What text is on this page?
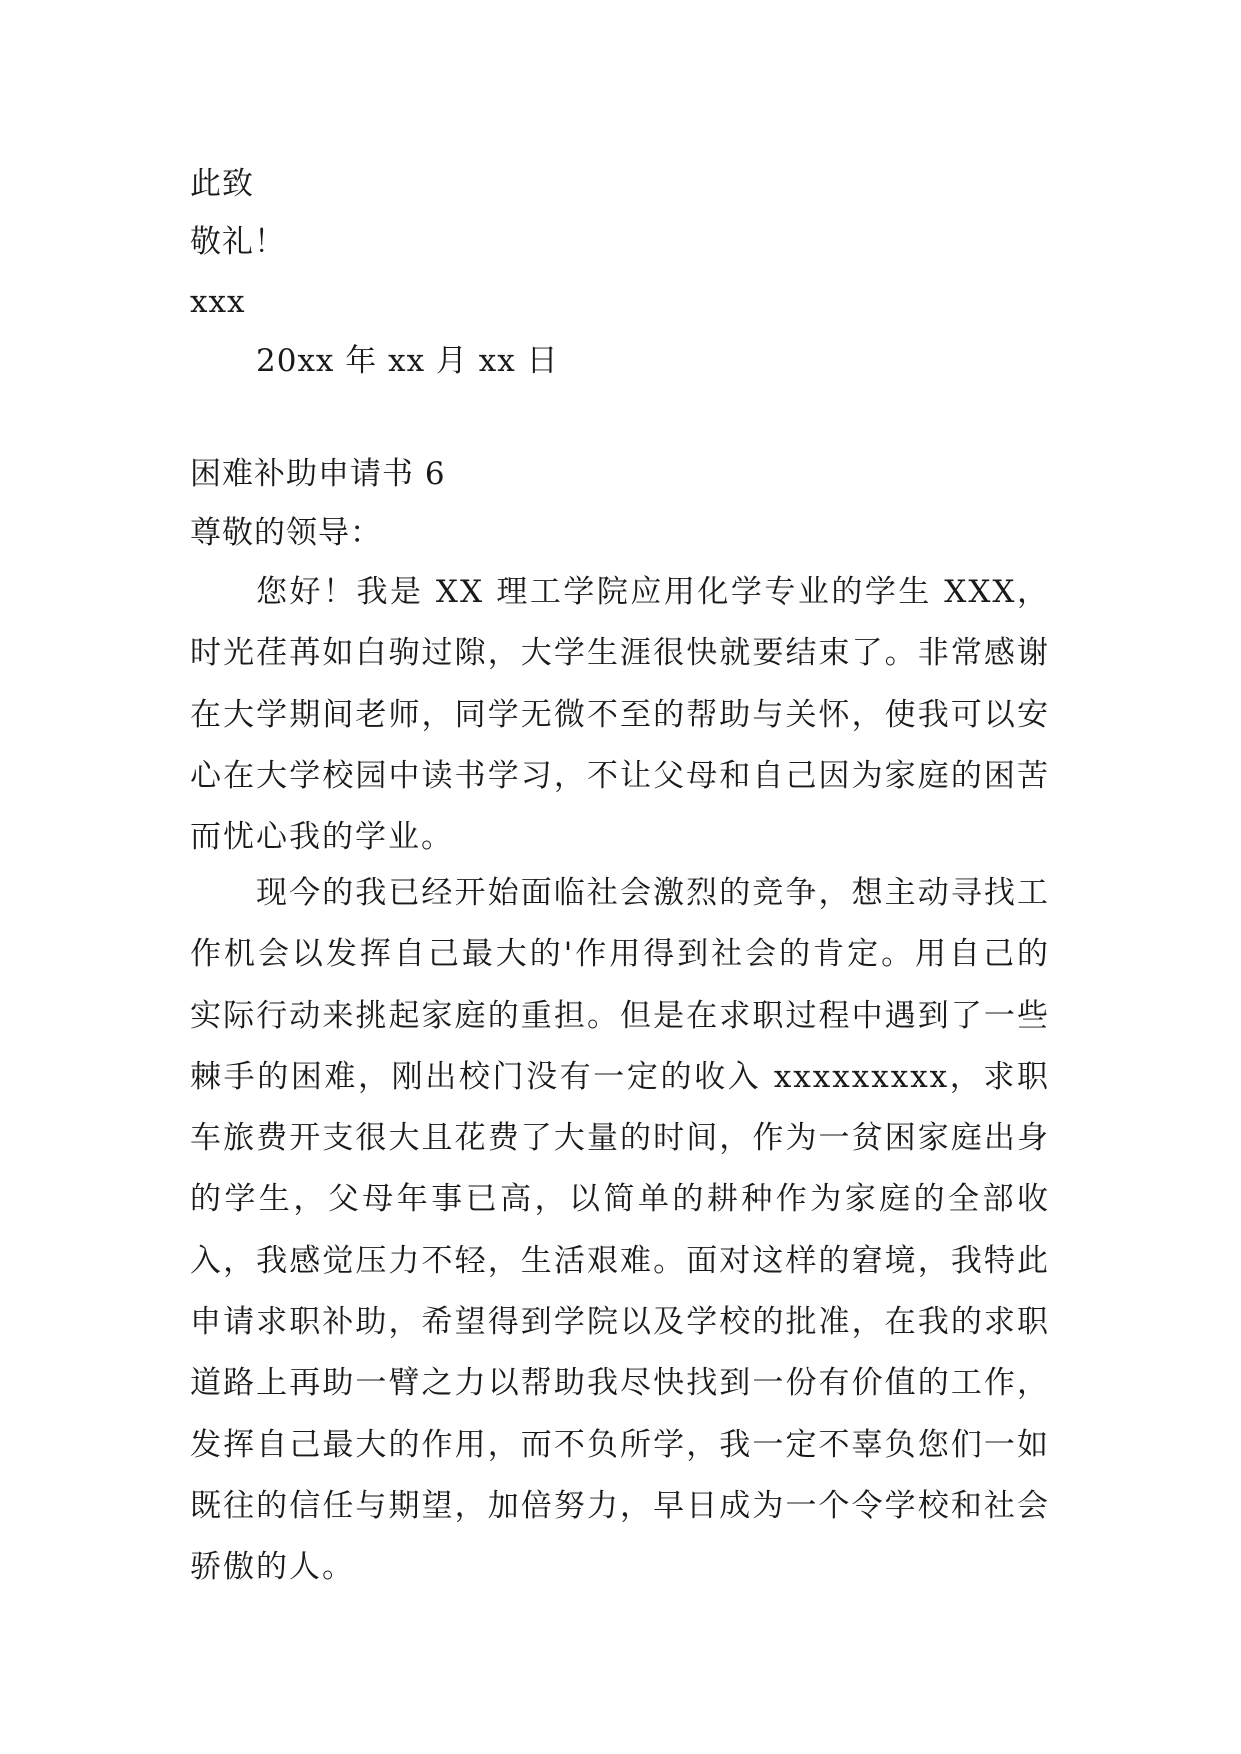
此致
敬礼！
xxx
20xx 年 xx 月 xx 日
困难补助申请书 6
尊敬的领导：
您好！我是 XX 理工学院应用化学专业的学生 XXX，时光荏苒如白驹过隙，大学生涯很快就要结束了。非常感谢在大学期间老师，同学无微不至的帮助与关怀，使我可以安心在大学校园中读书学习，不让父母和自己因为家庭的困苦而忧心我的学业。
现今的我已经开始面临社会激烈的竞争，想主动寻找工作机会以发挥自己最大的'作用得到社会的肯定。用自己的实际行动来挑起家庭的重担。但是在求职过程中遇到了一些棘手的困难，刚出校门没有一定的收入 xxxxxxxxx，求职车旅费开支很大且花费了大量的时间，作为一贫困家庭出身的学生，父母年事已高，以简单的耕种作为家庭的全部收入，我感觉压力不轻，生活艰难。面对这样的窘境，我特此申请求职补助，希望得到学院以及学校的批准，在我的求职道路上再助一臂之力以帮助我尽快找到一份有价值的工作，发挥自己最大的作用，而不负所学，我一定不辜负您们一如既往的信任与期望，加倍努力，早日成为一个令学校和社会骄傲的人。
